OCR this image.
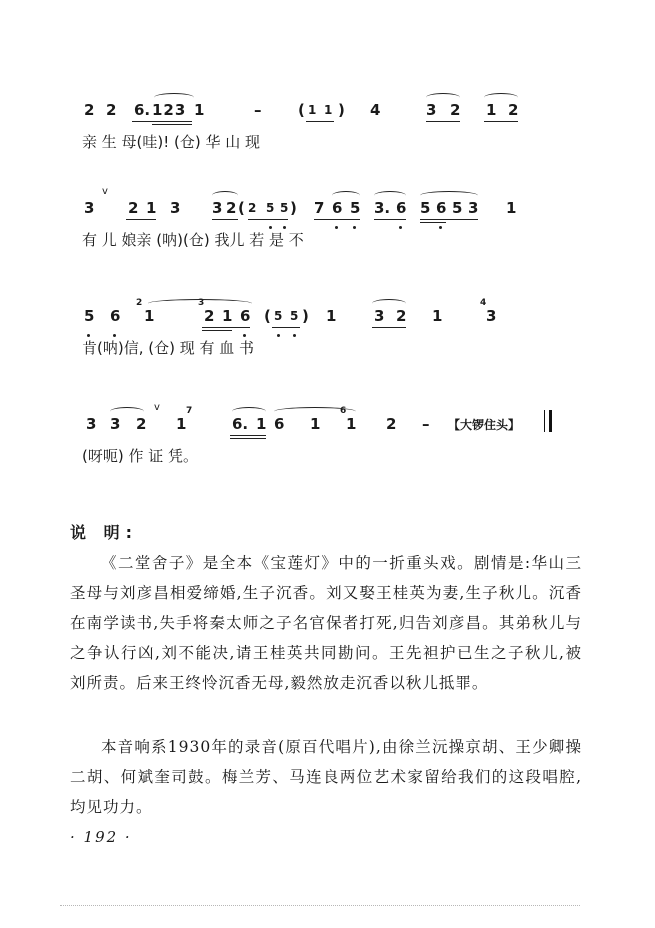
2 2 6. 123 1	– ( 1 1 ) 4	3 2 1 2
亲 生 母(哇)! (仓) 华 山 现
v
3 2 1 3 3 2 ( 2 5 5 ) 7 6 5 3. 6 5 6 5 3 1
有 儿 娘亲 (呐)(仓) 我儿 若 是 不
5 6
2
1
3
2 1 6 ( 5 5 ) 1	3 2 1
4
3
肯(呐)信, (仓) 现 有 血 书
3 3 2
v
1
7
6. 1 6 1
6
1 2 – 【大锣住头】
(呀呃) 作 证 凭。
说 明:
《二堂舍子》是全本《宝莲灯》中的一折重头戏。剧情是:华山三圣母与刘彦昌相爱缔婚,生子沉香。刘又娶王桂英为妻,生子秋儿。沉香在南学读书,失手将秦太师之子名官保者打死,归告刘彦昌。其弟秋儿与之争认行凶,刘不能决,请王桂英共同勘问。王先袒护已生之子秋儿,被刘所责。后来王终怜沉香无母,毅然放走沉香以秋儿抵罪。
本音响系1930年的录音(原百代唱片),由徐兰沅操京胡、王少卿操二胡、何斌奎司鼓。梅兰芳、马连良两位艺术家留给我们的这段唱腔,均见功力。
· 192 ·
